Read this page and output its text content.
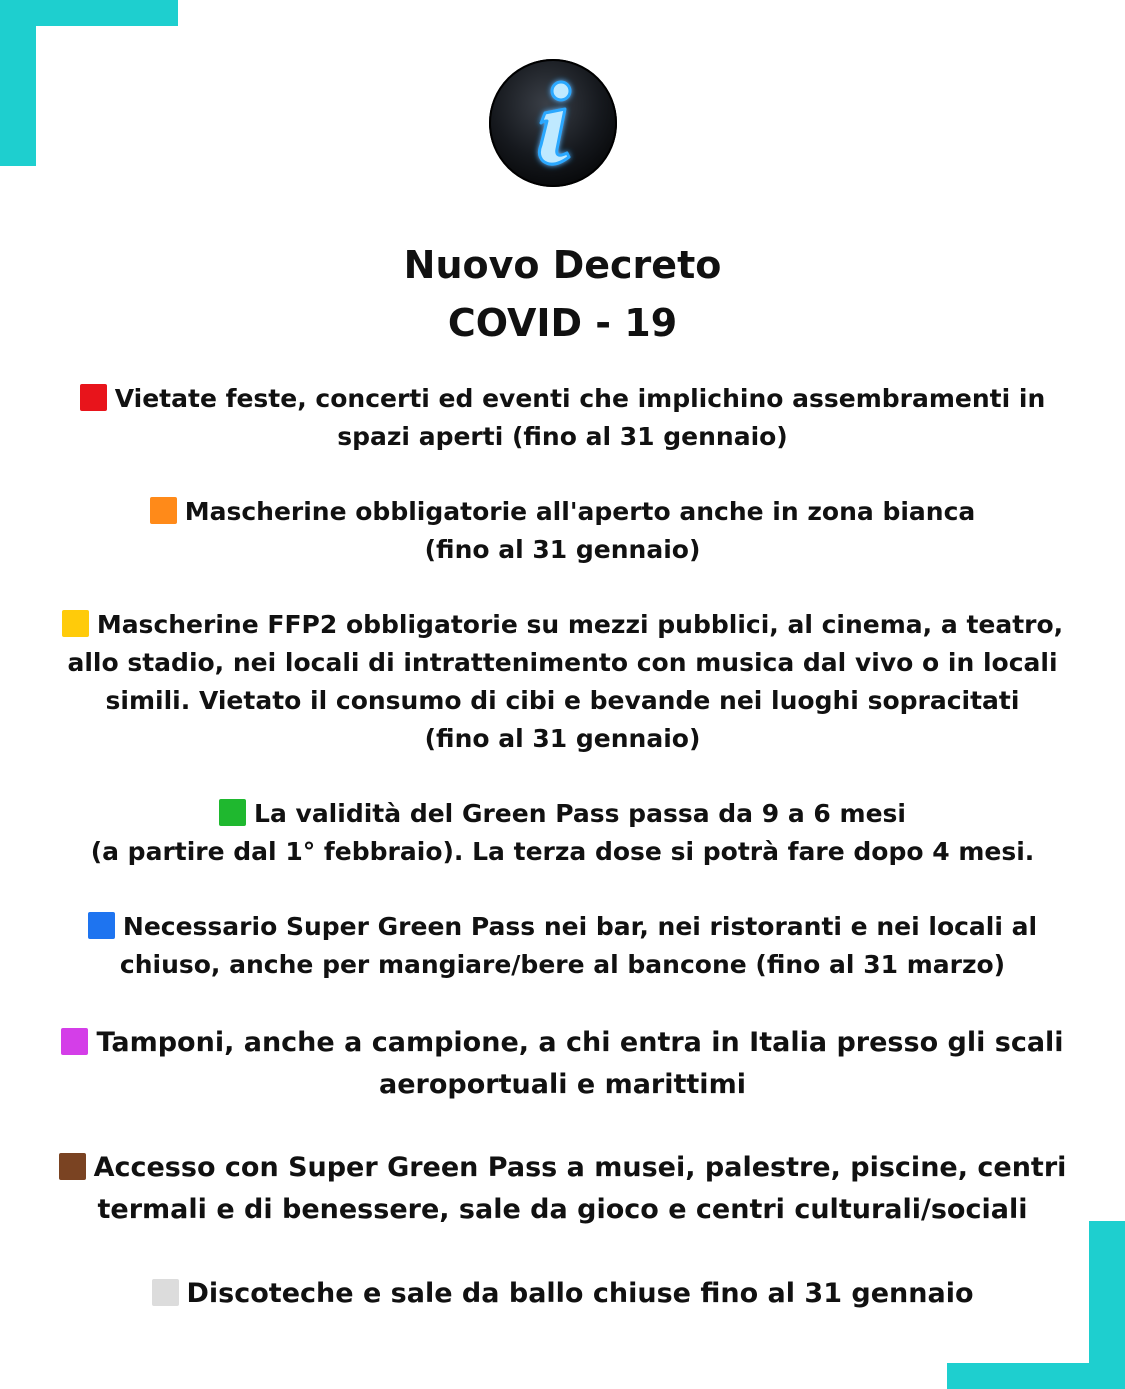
Nuovo Decreto
COVID - 19
Vietate feste, concerti ed eventi che implichino assembramenti in
spazi aperti (fino al 31 gennaio)
Mascherine obbligatorie all'aperto anche in zona bianca
(fino al 31 gennaio)
Mascherine FFP2 obbligatorie su mezzi pubblici, al cinema, a teatro,
allo stadio, nei locali di intrattenimento con musica dal vivo o in locali
simili. Vietato il consumo di cibi e bevande nei luoghi sopracitati
(fino al 31 gennaio)
La validità del Green Pass passa da 9 a 6 mesi
(a partire dal 1° febbraio). La terza dose si potrà fare dopo 4 mesi.
Necessario Super Green Pass nei bar, nei ristoranti e nei locali al
chiuso, anche per mangiare/bere al bancone (fino al 31 marzo)
Tamponi, anche a campione, a chi entra in Italia presso gli scali
aeroportuali e marittimi
Accesso con Super Green Pass a musei, palestre, piscine, centri
termali e di benessere, sale da gioco e centri culturali/sociali
Discoteche e sale da ballo chiuse fino al 31 gennaio
